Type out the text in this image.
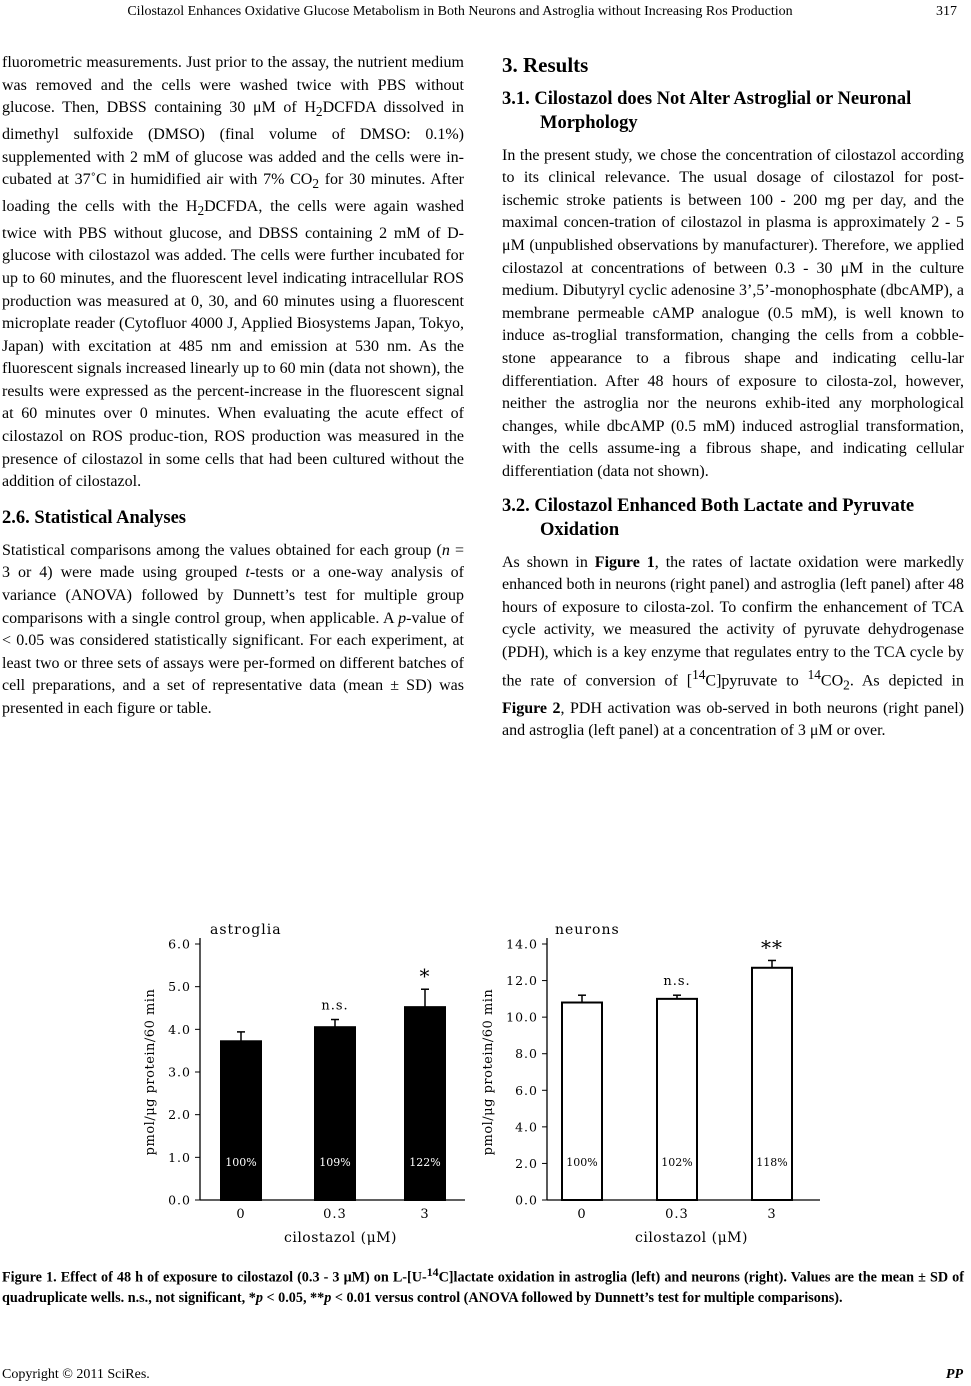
Cilostazol Enhances Oxidative Glucose Metabolism in Both Neurons and Astroglia without Increasing Ros Production	317

fluorometric measurements. Just prior to the assay, the nutrient medium was removed and the cells were washed twice with PBS without glucose. Then, DBSS containing 30 μM of $H_2DCFDA$ dissolved in dimethyl sulfoxide (DMSO) (final volume of DMSO: 0.1%) supplemented with 2 mM of glucose was added and the cells were in-cubated at 37˚C in humidified air with 7% $CO_2$ for 30 minutes. After loading the cells with the $H_2DCFDA$, the cells were again washed twice with PBS without glucose, and DBSS containing 2 mM of D-glucose with cilostazol was added. The cells were further incubated for up to 60 minutes, and the fluorescent level indicating intracellular ROS production was measured at 0, 30, and 60 minutes using a fluorescent microplate reader (Cytofluor 4000 J, Applied Biosystems Japan, Tokyo, Japan) with excitation at 485 nm and emission at 530 nm. As the fluorescent signals increased linearly up to 60 min (data not shown), the results were expressed as the percent-increase in the fluorescent signal at 60 minutes over 0 minutes. When evaluating the acute effect of cilostazol on ROS produc-tion, ROS production was measured in the presence of cilostazol in some cells that had been cultured without the addition of cilostazol.

2.6. Statistical Analyses

Statistical comparisons among the values obtained for each group (n = 3 or 4) were made using grouped t-tests or a one-way analysis of variance (ANOVA) followed by Dunnett’s test for multiple group comparisons with a single control group, when applicable. A p-value of < 0.05 was considered statistically significant. For each experiment, at least two or three sets of assays were per-formed on different batches of cell preparations, and a set of representative data (mean ± SD) was presented in each figure or table.

3. Results
3.1. Cilostazol does Not Alter Astroglial or Neuronal Morphology

In the present study, we chose the concentration of cilostazol according to its clinical relevance. The usual dosage of cilostazol for post-ischemic stroke patients is between 100 - 200 mg per day, and the maximal concen-tration of cilostazol in plasma is approximately 2 - 5 μM (unpublished observations by manufacturer). Therefore, we applied cilostazol at concentrations of between 0.3 - 30 μM in the culture medium. Dibutyryl cyclic adenosine 3’,5’-monophosphate (dbcAMP), a membrane permeable cAMP analogue (0.5 mM), is well known to induce as-troglial transformation, changing the cells from a cobble-stone appearance to a fibrous shape and indicating cellu-lar differentiation. After 48 hours of exposure to cilosta-zol, however, neither the astroglia nor the neurons exhib-ited any morphological changes, while dbcAMP (0.5 mM) induced astroglial transformation, with the cells assume-ing a fibrous shape, and indicating cellular differentiation (data not shown).

3.2. Cilostazol Enhanced Both Lactate and Pyruvate Oxidation

As shown in Figure 1, the rates of lactate oxidation were markedly enhanced both in neurons (right panel) and astroglia (left panel) after 48 hours of exposure to cilosta-zol. To confirm the enhancement of TCA cycle activity, we measured the activity of pyruvate dehydrogenase (PDH), which is a key enzyme that regulates entry to the TCA cycle by the rate of conversion of [$^{14}$C]pyruvate to $^{14}CO_2$. As depicted in Figure 2, PDH activation was ob-served in both neurons (right panel) and astroglia (left panel) at a concentration of 3 μM or over.

astroglia
0.0
1.0
2.0
3.0
4.0
5.0
6.0
pmol/μg protein/60 min
100%
0
109%
0.3
n.s.
122%
3
*
cilostazol (μM)
neurons
0.0
2.0
4.0
6.0
8.0
10.0
12.0
14.0
pmol/μg protein/60 min
100%
0
102%
0.3
n.s.
118%
3
**
cilostazol (μM)
Figure 1. Effect of 48 h of exposure to cilostazol (0.3 - 3 μM) on L-[U-$^{14}$C]lactate oxidation in astroglia (left) and neurons (right). Values are the mean ± SD of quadruplicate wells. n.s., not significant, *p < 0.05, **p < 0.01 versus control (ANOVA followed by Dunnett’s test for multiple comparisons).
Copyright © 2011 SciRes.	PP
